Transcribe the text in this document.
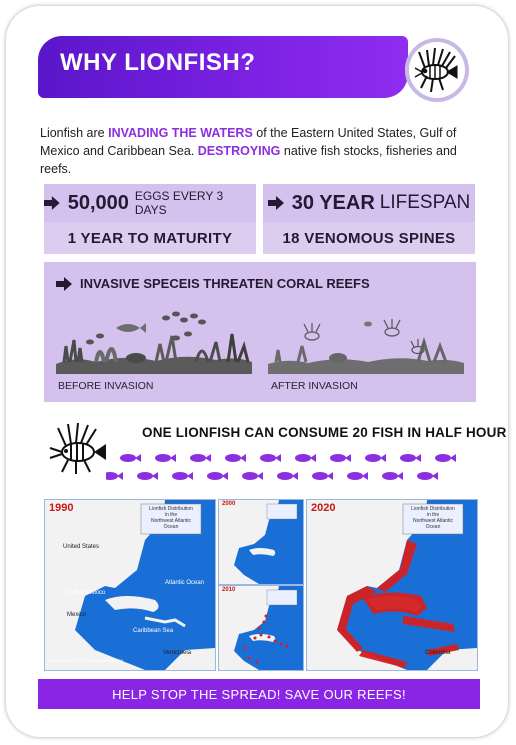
WHY LIONFISH?
Lionfish are INVADING THE WATERS of the Eastern United States, Gulf of Mexico and Caribbean Sea. DESTROYING native fish stocks, fisheries and reefs.
50,000 EGGS EVERY 3 DAYS	30 YEAR LIFESPAN
1 YEAR TO MATURITY	18 VENOMOUS SPINES
INVASIVE SPECEIS THREATEN CORAL REEFS
BEFORE INVASION	AFTER INVASION
ONE LIONFISH CAN CONSUME 20 FISH IN HALF HOUR
1990	Lionfish Distribution
in the
Northwest Atlantic Ocean
United States
Atlantic Ocean
Gulf of Mexico
Mexico
Caribbean Sea
Venezuela
Data Source: U.S. Geological Survey
2000
2010
2020	Lionfish Distribution
in the
Northwest Atlantic Ocean
Colombia
HELP STOP THE SPREAD! SAVE OUR REEFS!
